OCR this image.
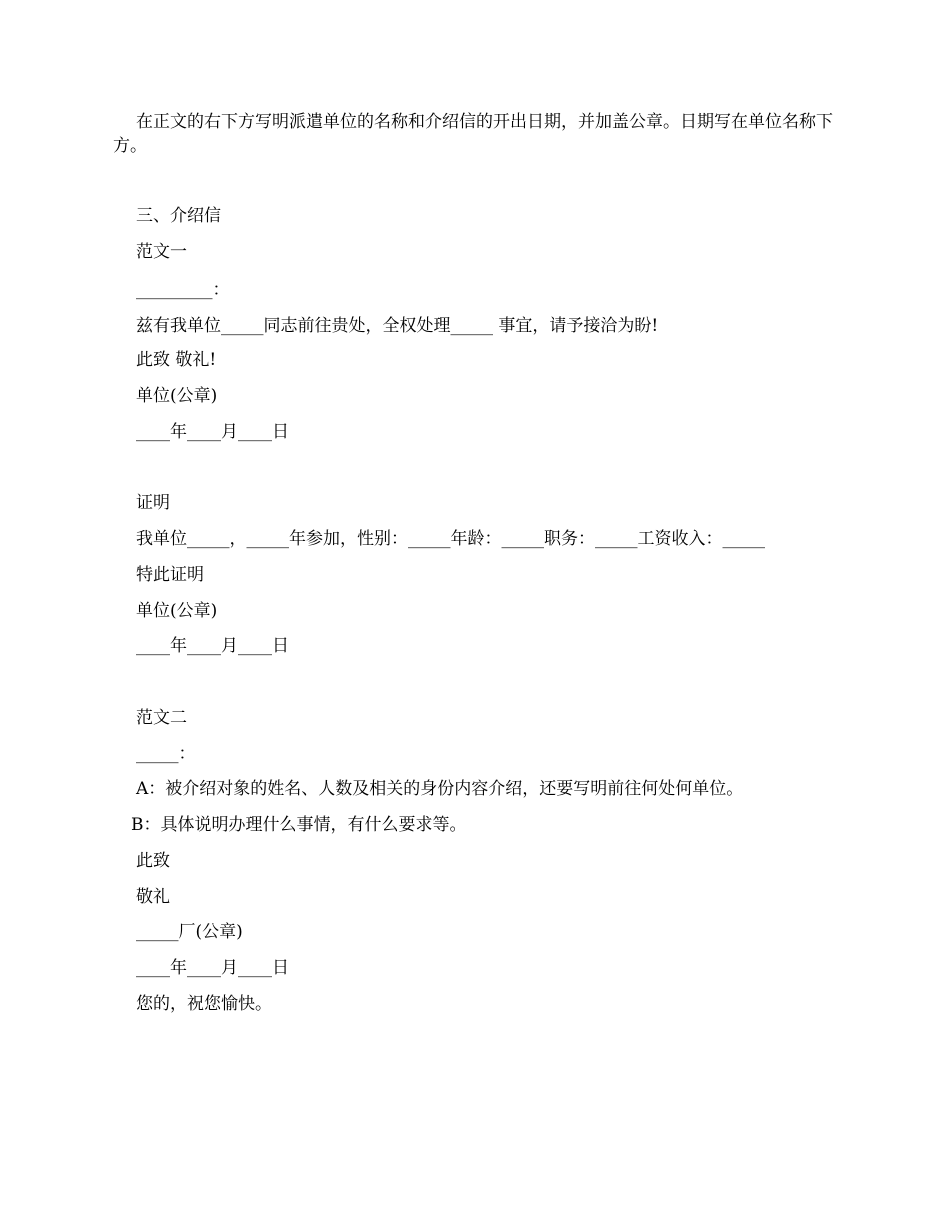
在正文的右下方写明派遣单位的名称和介绍信的开出日期，并加盖公章。日期写在单位名称下方。

三、介绍信

范文一

_________：

兹有我单位_____同志前往贵处，全权处理_____ 事宜，请予接洽为盼!

此致 敬礼!

单位(公章)

____年____月____日

证明

我单位_____，_____年参加，性别：_____年龄：_____职务：_____工资收入：_____

特此证明

单位(公章)

____年____月____日

范文二

_____：

A：被介绍对象的姓名、人数及相关的身份内容介绍，还要写明前往何处何单位。

B：具体说明办理什么事情，有什么要求等。

此致

敬礼

_____厂(公章)

____年____月____日

您的，祝您愉快。
